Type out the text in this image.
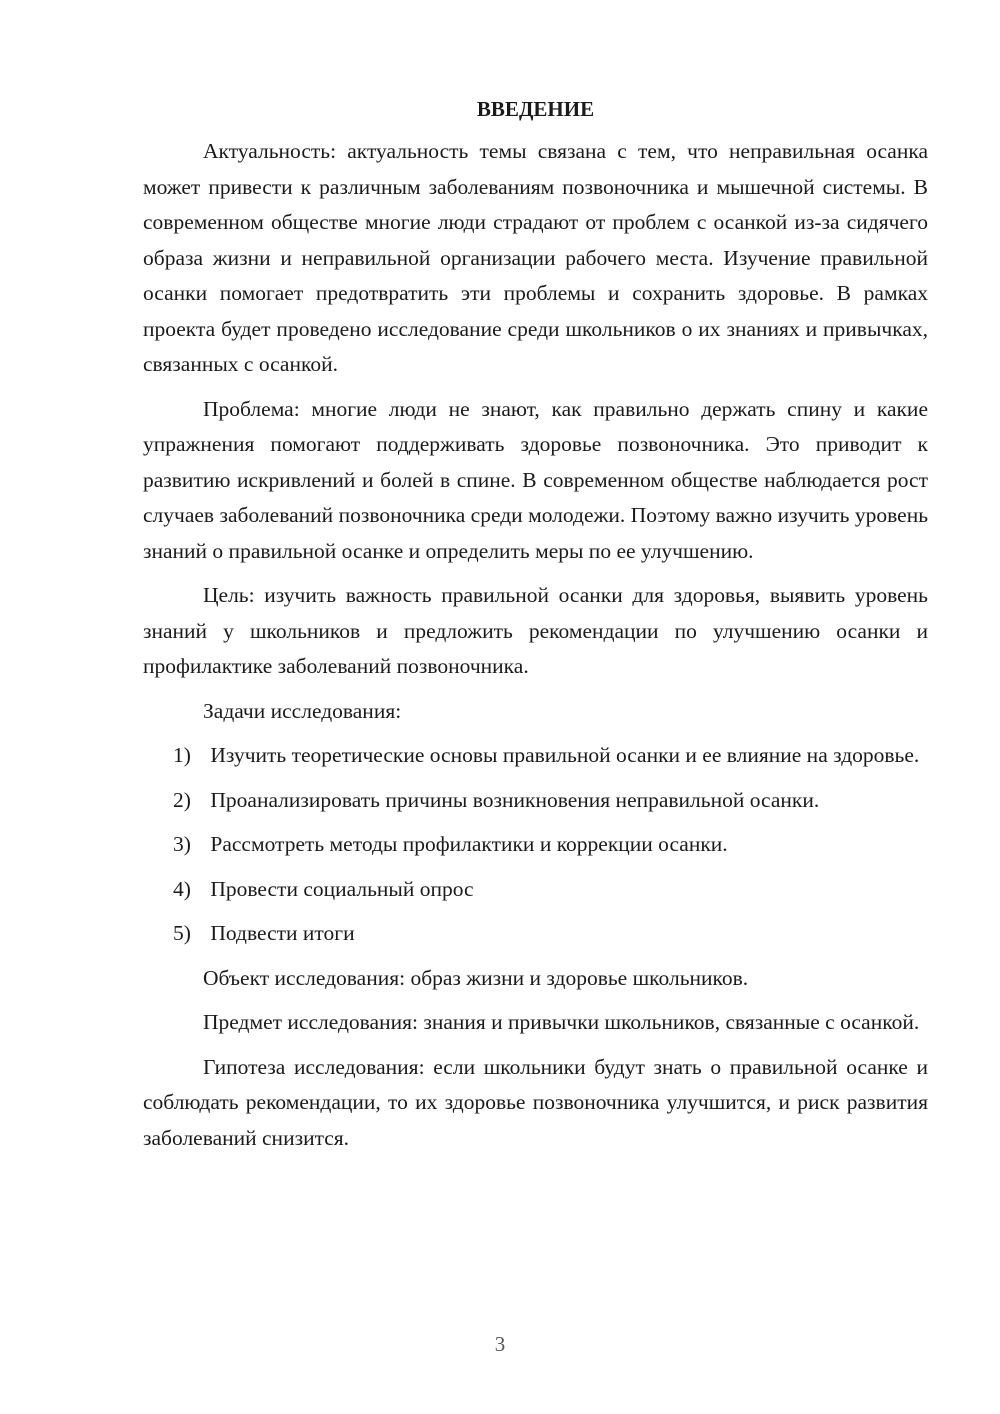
ВВЕДЕНИЕ

Актуальность: актуальность темы связана с тем, что неправильная осанка может привести к различным заболеваниям позвоночника и мышечной системы. В современном обществе многие люди страдают от проблем с осанкой из-за сидячего образа жизни и неправильной организации рабочего места. Изучение правильной осанки помогает предотвратить эти проблемы и сохранить здоровье. В рамках проекта будет проведено исследование среди школьников о их знаниях и привычках, связанных с осанкой.

Проблема: многие люди не знают, как правильно держать спину и какие упражнения помогают поддерживать здоровье позвоночника. Это приводит к развитию искривлений и болей в спине. В современном обществе наблюдается рост случаев заболеваний позвоночника среди молодежи. Поэтому важно изучить уровень знаний о правильной осанке и определить меры по ее улучшению.

Цель: изучить важность правильной осанки для здоровья, выявить уровень знаний у школьников и предложить рекомендации по улучшению осанки и профилактике заболеваний позвоночника.

Задачи исследования:

1) Изучить теоретические основы правильной осанки и ее влияние на здоровье.

2) Проанализировать причины возникновения неправильной осанки.

3) Рассмотреть методы профилактики и коррекции осанки.

4) Провести социальный опрос

5) Подвести итоги

Объект исследования: образ жизни и здоровье школьников.

Предмет исследования: знания и привычки школьников, связанные с осанкой.

Гипотеза исследования: если школьники будут знать о правильной осанке и соблюдать рекомендации, то их здоровье позвоночника улучшится, и риск развития заболеваний снизится.

3
